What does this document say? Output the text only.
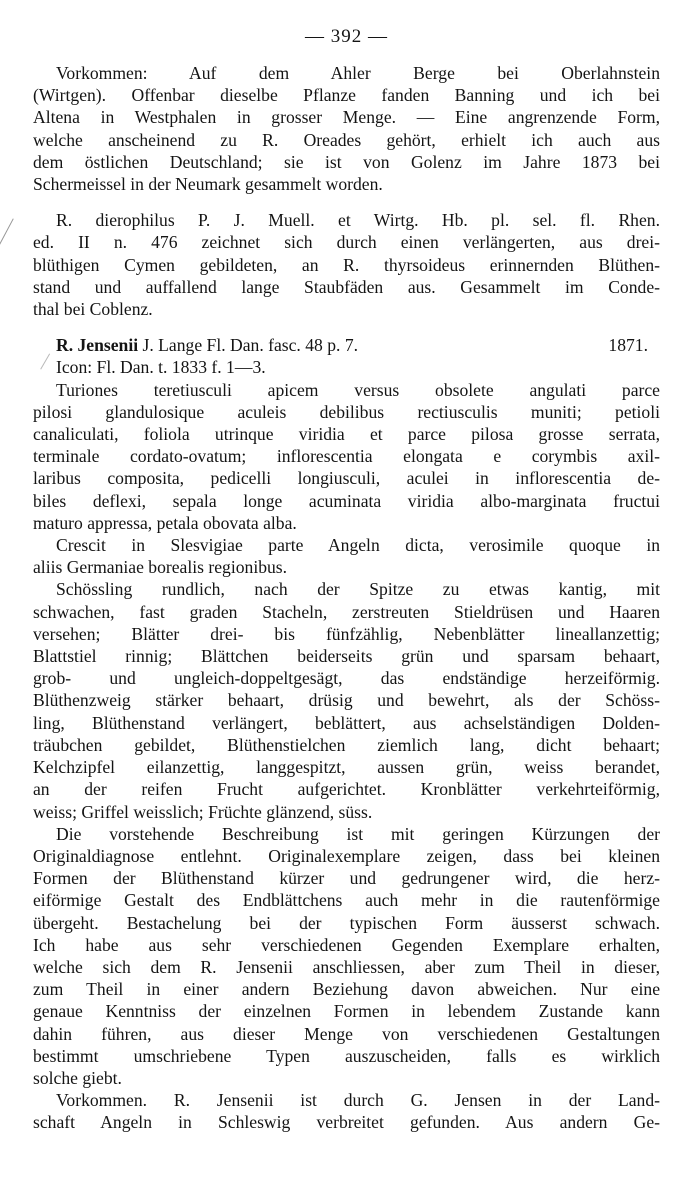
— 392 —
Vorkommen: Auf dem Ahler Berge bei Oberlahnstein
(Wirtgen). Offenbar dieselbe Pflanze fanden Banning und ich bei
Altena in Westphalen in grosser Menge. — Eine angrenzende Form,
welche anscheinend zu R. Oreades gehört, erhielt ich auch aus
dem östlichen Deutschland; sie ist von Golenz im Jahre 1873 bei
Schermeissel in der Neumark gesammelt worden.
R. dierophilus P. J. Muell. et Wirtg. Hb. pl. sel. fl. Rhen.
ed. II n. 476 zeichnet sich durch einen verlängerten, aus drei-
blüthigen Cymen gebildeten, an R. thyrsoideus erinnernden Blüthen-
stand und auffallend lange Staubfäden aus. Gesammelt im Conde-
thal bei Coblenz.
R. Jensenii J. Lange Fl. Dan. fasc. 48 p. 7.	1871.
Icon: Fl. Dan. t. 1833 f. 1—3.
Turiones teretiusculi apicem versus obsolete angulati parce
pilosi glandulosique aculeis debilibus rectiusculis muniti; petioli
canaliculati, foliola utrinque viridia et parce pilosa grosse serrata,
terminale cordato-ovatum; inflorescentia elongata e corymbis axil-
laribus composita, pedicelli longiusculi, aculei in inflorescentia de-
biles deflexi, sepala longe acuminata viridia albo-marginata fructui
maturo appressa, petala obovata alba.
Crescit in Slesvigiae parte Angeln dicta, verosimile quoque in
aliis Germaniae borealis regionibus.
Schössling rundlich, nach der Spitze zu etwas kantig, mit
schwachen, fast graden Stacheln, zerstreuten Stieldrüsen und Haaren
versehen; Blätter drei- bis fünfzählig, Nebenblätter lineallanzettig;
Blattstiel rinnig; Blättchen beiderseits grün und sparsam behaart,
grob- und ungleich-doppeltgesägt, das endständige herzeiförmig.
Blüthenzweig stärker behaart, drüsig und bewehrt, als der Schöss-
ling, Blüthenstand verlängert, beblättert, aus achselständigen Dolden-
träubchen gebildet, Blüthenstielchen ziemlich lang, dicht behaart;
Kelchzipfel eilanzettig, langgespitzt, aussen grün, weiss berandet,
an der reifen Frucht aufgerichtet. Kronblätter verkehrteiförmig,
weiss; Griffel weisslich; Früchte glänzend, süss.
Die vorstehende Beschreibung ist mit geringen Kürzungen der
Originaldiagnose entlehnt. Originalexemplare zeigen, dass bei kleinen
Formen der Blüthenstand kürzer und gedrungener wird, die herz-
eiförmige Gestalt des Endblättchens auch mehr in die rautenförmige
übergeht. Bestachelung bei der typischen Form äusserst schwach.
Ich habe aus sehr verschiedenen Gegenden Exemplare erhalten,
welche sich dem R. Jensenii anschliessen, aber zum Theil in dieser,
zum Theil in einer andern Beziehung davon abweichen. Nur eine
genaue Kenntniss der einzelnen Formen in lebendem Zustande kann
dahin führen, aus dieser Menge von verschiedenen Gestaltungen
bestimmt umschriebene Typen auszuscheiden, falls es wirklich
solche giebt.
Vorkommen. R. Jensenii ist durch G. Jensen in der Land-
schaft Angeln in Schleswig verbreitet gefunden. Aus andern Ge-
